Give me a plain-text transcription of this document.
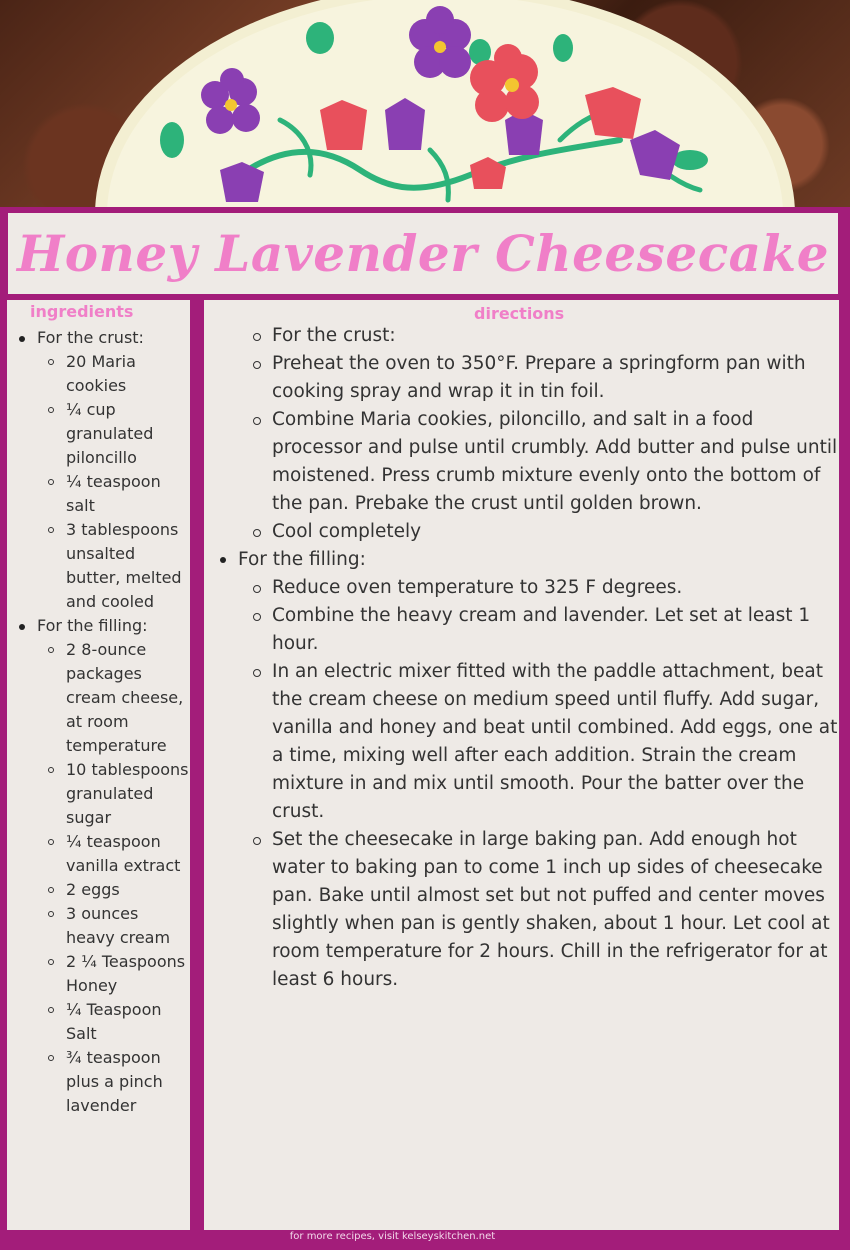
Honey Lavender Cheesecake
ingredients
For the crust:
20 Maria cookies
¼ cup granulated piloncillo
¼ teaspoon salt
3 tablespoons unsalted butter, melted and cooled
For the filling:
2 8-ounce packages cream cheese, at room temperature
10 tablespoons granulated sugar
¼ teaspoon vanilla extract
2 eggs
3 ounces heavy cream
2 ¼ Teaspoons Honey
¼ Teaspoon Salt
¾ teaspoon plus a pinch lavender
directions
For the crust:
Preheat the oven to 350°F. Prepare a springform pan with cooking spray and wrap it in tin foil.
Combine Maria cookies, piloncillo, and salt in a food processor and pulse until crumbly. Add butter and pulse until moistened. Press crumb mixture evenly onto the bottom of the pan. Prebake the crust until golden brown.
Cool completely
For the filling:
Reduce oven temperature to 325 F degrees.
Combine the heavy cream and lavender. Let set at least 1 hour.
In an electric mixer fitted with the paddle attachment, beat the cream cheese on medium speed until fluffy. Add sugar, vanilla and honey and beat until combined. Add eggs, one at a time, mixing well after each addition. Strain the cream mixture in and mix until smooth. Pour the batter over the crust.
Set the cheesecake in large baking pan. Add enough hot water to baking pan to come 1 inch up sides of cheesecake pan. Bake until almost set but not puffed and center moves slightly when pan is gently shaken, about 1 hour. Let cool at room temperature for 2 hours. Chill in the refrigerator for at least 6 hours.
for more recipes, visit kelseyskitchen.net
